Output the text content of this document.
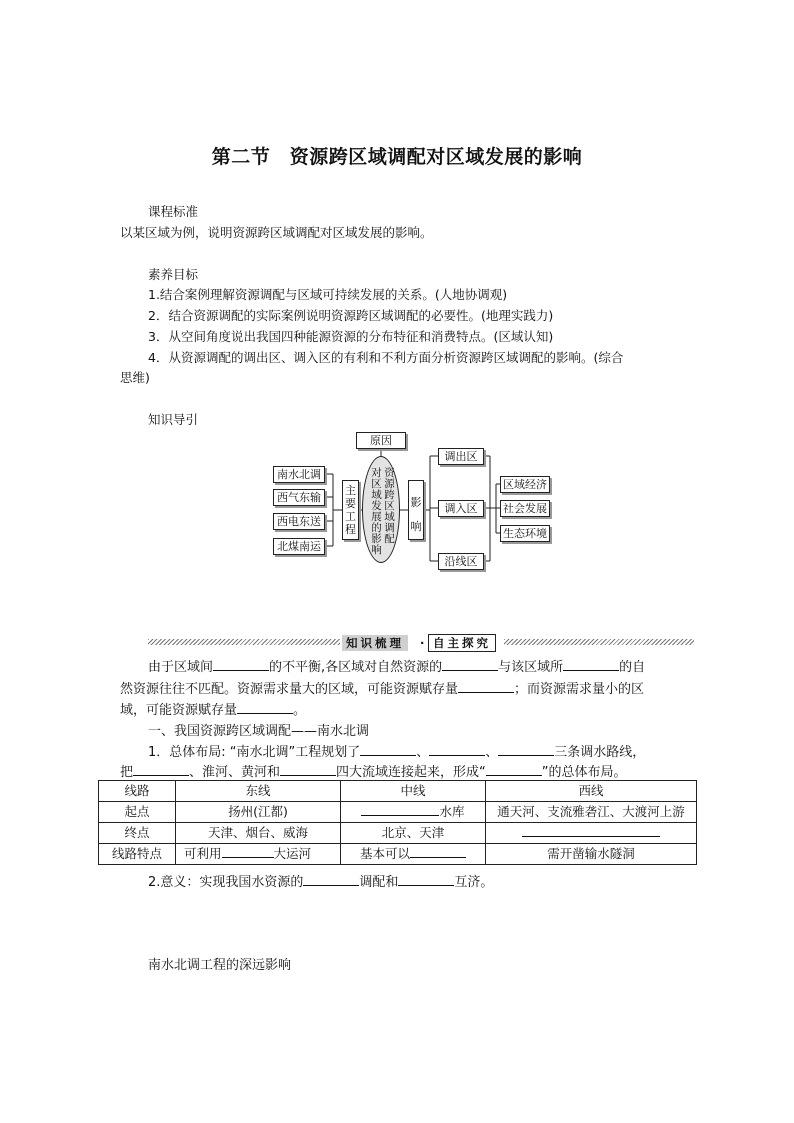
第二节　资源跨区域调配对区域发展的影响
课程标准
以某区域为例，说明资源跨区域调配对区域发展的影响。
素养目标
1.结合案例理解资源调配与区域可持续发展的关系。(人地协调观)
2．结合资源调配的实际案例说明资源跨区域调配的必要性。(地理实践力)
3．从空间角度说出我国四种能源资源的分布特征和消费特点。(区域认知)
4．从资源调配的调出区、调入区的有利和不利方面分析资源跨区域调配的影响。(综合
思维)
知识导引
原因
南水北调
西气东输
西电东送
北煤南运
主要工程
资源跨区域调配
对区域发展的影响
影响
调出区
调入区
沿线区
区域经济
社会发展
生态环境
知识梳理	· 自主探究
由于区域间	的不平衡,各区域对自然资源的	与该区域所	的自
然资源往往不匹配。资源需求量大的区域，可能资源赋存量	；而资源需求量小的区
域，可能资源赋存量	。
一、我国资源跨区域调配——南水北调
1．总体布局: “南水北调”工程规划了	、	、	三条调水路线，
把	、淮河、黄河和	四大流域连接起来，形成“	”的总体布局。
线路	东线	中线	西线
起点	扬州(江都)	水库	通天河、支流雅砻江、大渡河上游
终点	天津、烟台、威海	北京、天津	
线路特点	可利用 大运河	基本可以	需开凿输水隧洞
2.意义：实现我国水资源的	调配和	互济。
南水北调工程的深远影响
